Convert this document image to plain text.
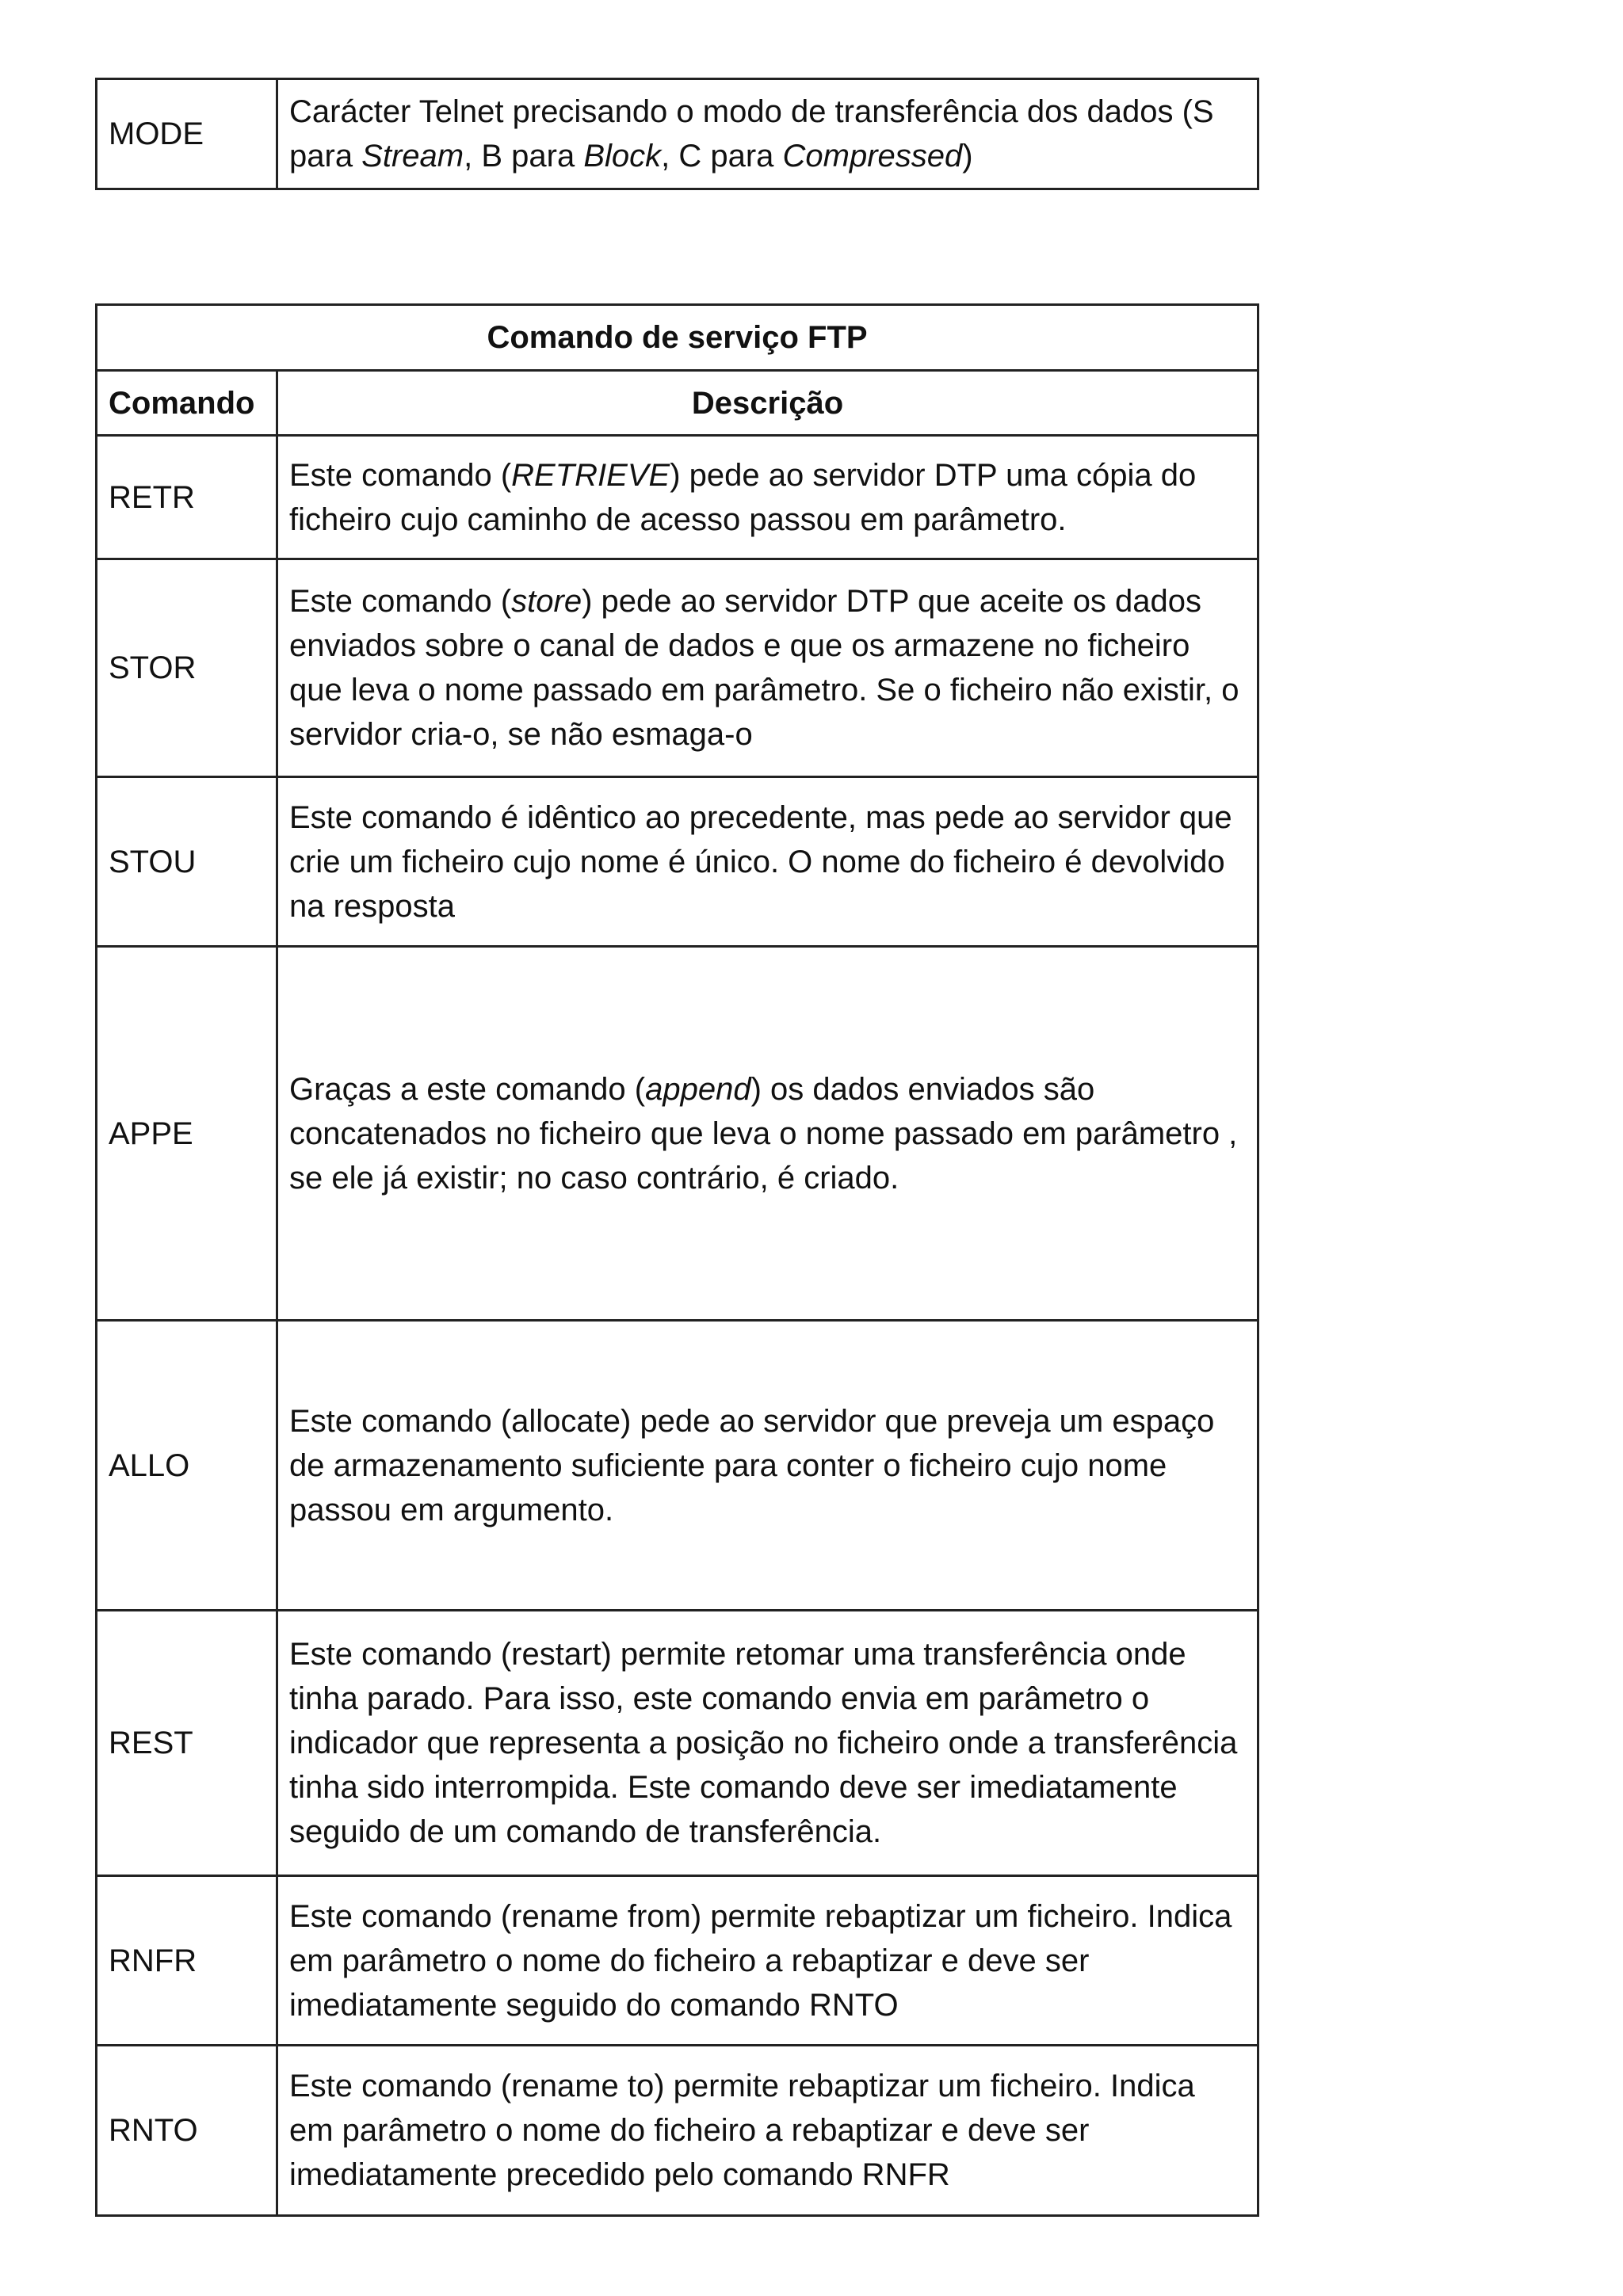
MODE	Carácter Telnet precisando o modo de transferência dos dados (S para Stream, B para Block, C para Compressed)
Comando de serviço FTP	
Comando	Descrição
RETR	Este comando (RETRIEVE) pede ao servidor DTP uma cópia do ficheiro cujo caminho de acesso passou em parâmetro.
STOR	Este comando (store) pede ao servidor DTP que aceite os dados enviados sobre o canal de dados e que os armazene no ficheiro que leva o nome passado em parâmetro. Se o ficheiro não existir, o servidor cria-o, se não esmaga-o
STOU	Este comando é idêntico ao precedente, mas pede ao servidor que crie um ficheiro cujo nome é único. O nome do ficheiro é devolvido na resposta
APPE	Graças a este comando (append) os dados enviados são concatenados no ficheiro que leva o nome passado em parâmetro , se ele já existir; no caso contrário, é criado.
ALLO	Este comando (allocate) pede ao servidor que preveja um espaço de armazenamento suficiente para conter o ficheiro cujo nome passou em argumento.
REST	Este comando (restart) permite retomar uma transferência onde tinha parado. Para isso, este comando envia em parâmetro o indicador que representa a posição no ficheiro onde a transferência tinha sido interrompida. Este comando deve ser imediatamente seguido de um comando de transferência.
RNFR	Este comando (rename from) permite rebaptizar um ficheiro. Indica em parâmetro o nome do ficheiro a rebaptizar e deve ser imediatamente seguido do comando RNTO
RNTO	Este comando (rename to) permite rebaptizar um ficheiro. Indica em parâmetro o nome do ficheiro a rebaptizar e deve ser imediatamente precedido pelo comando RNFR
